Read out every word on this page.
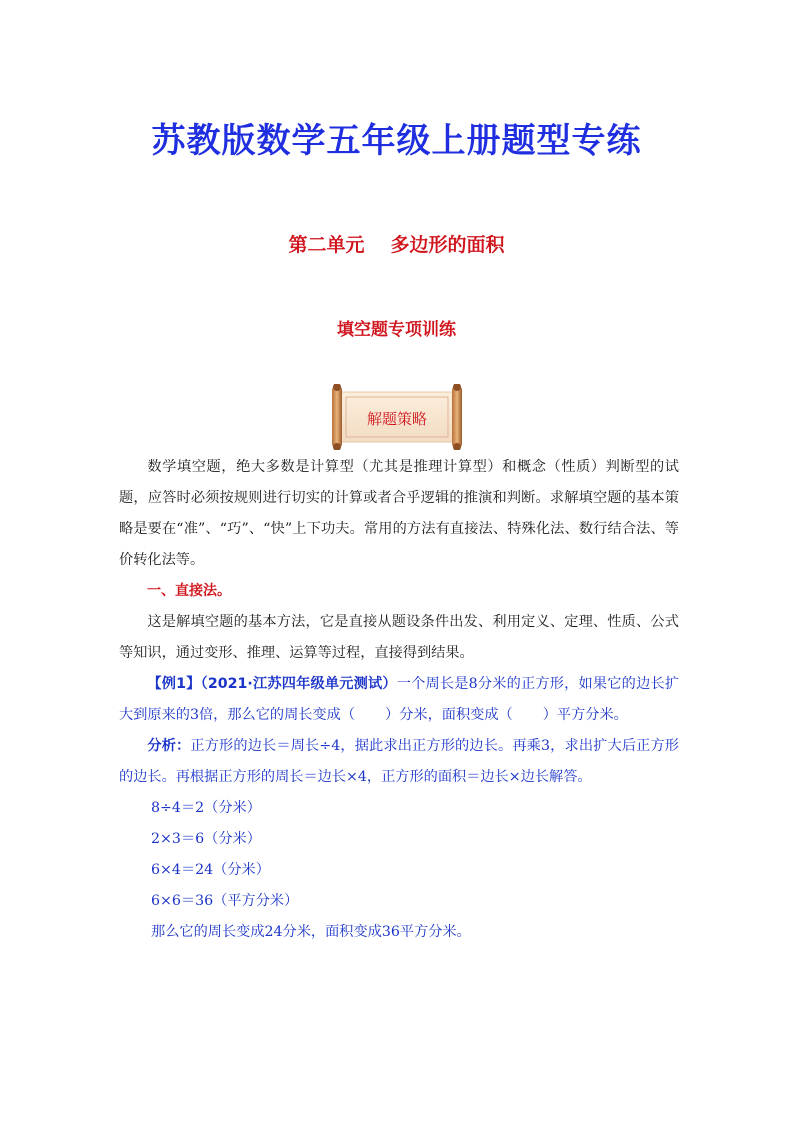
苏教版数学五年级上册题型专练
第二单元 多边形的面积
填空题专项训练
解题策略

数学填空题，绝大多数是计算型（尤其是推理计算型）和概念（性质）判断型的试题，应答时必须按规则进行切实的计算或者合乎逻辑的推演和判断。求解填空题的基本策略是要在“准”、“巧”、“快”上下功夫。常用的方法有直接法、特殊化法、数行结合法、等价转化法等。

一、直接法。

这是解填空题的基本方法，它是直接从题设条件出发、利用定义、定理、性质、公式等知识，通过变形、推理、运算等过程，直接得到结果。

【例1】（2021·江苏四年级单元测试）一个周长是8分米的正方形，如果它的边长扩大到原来的3倍，那么它的周长变成（ ）分米，面积变成（ ）平方分米。

分析：正方形的边长＝周长÷4，据此求出正方形的边长。再乘3，求出扩大后正方形的边长。再根据正方形的周长＝边长×4，正方形的面积＝边长×边长解答。

8÷4＝2（分米）

2×3＝6（分米）

6×4＝24（分米）

6×6＝36（平方分米）

那么它的周长变成24分米，面积变成36平方分米。
